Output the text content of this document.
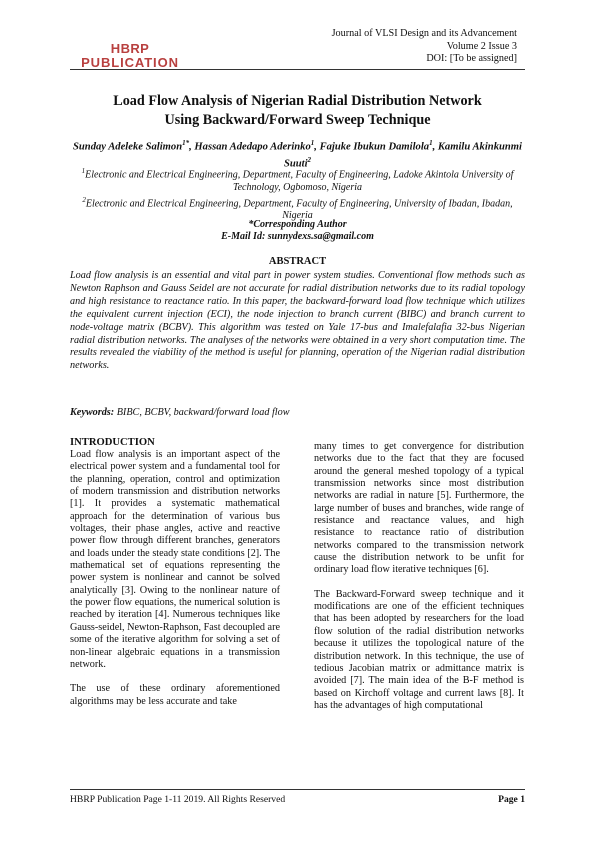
HBRP
PUBLICATION
Journal of VLSI Design and its Advancement
Volume 2 Issue 3
DOI: [To be assigned]
Load Flow Analysis of Nigerian Radial Distribution Network
Using Backward/Forward Sweep Technique
Sunday Adeleke Salimon$^{1*}$, Hassan Adedapo Aderinko$^1$, Fajuke Ibukun Damilola$^1$, Kamilu Akinkunmi Suuti$^2$
$^1$Electronic and Electrical Engineering, Department, Faculty of Engineering, Ladoke Akintola University of Technology, Ogbomoso, Nigeria
$^2$Electronic and Electrical Engineering, Department, Faculty of Engineering, University of Ibadan, Ibadan, Nigeria
*Corresponding Author
E-Mail Id: sunnydexs.sa@gmail.com
ABSTRACT
Load flow analysis is an essential and vital part in power system studies. Conventional flow methods such as Newton Raphson and Gauss Seidel are not accurate for radial distribution networks due to its radial topology and high resistance to reactance ratio. In this paper, the backward-forward load flow technique which utilizes the equivalent current injection (ECI), the node injection to branch current (BIBC) and branch current to node-voltage matrix (BCBV). This algorithm was tested on Yale 17-bus and Imalefalafia 32-bus Nigerian radial distribution networks. The analyses of the networks were obtained in a very short computation time. The results revealed the viability of the method is useful for planning, operation of the Nigerian radial distribution networks.
Keywords: BIBC, BCBV, backward/forward load flow
INTRODUCTION

Load flow analysis is an important aspect of the electrical power system and a fundamental tool for the planning, operation, control and optimization of modern transmission and distribution networks [1]. It provides a systematic mathematical approach for the determination of various bus voltages, their phase angles, active and reactive power flow through different branches, generators and loads under the steady state conditions [2]. The mathematical set of equations representing the power system is nonlinear and cannot be solved analytically [3]. Owing to the nonlinear nature of the power flow equations, the numerical solution is reached by iteration [4]. Numerous techniques like Gauss-seidel, Newton-Raphson, Fast decoupled are some of the iterative algorithm for solving a set of non-linear algebraic equations in a transmission network.

The use of these ordinary aforementioned algorithms may be less accurate and take

many times to get convergence for distribution networks due to the fact that they are focused around the general meshed topology of a typical transmission networks since most distribution networks are radial in nature [5]. Furthermore, the large number of buses and branches, wide range of resistance and reactance values, and high resistance to reactance ratio of distribution networks compared to the transmission network cause the distribution network to be unfit for ordinary load flow iterative techniques [6].

The Backward-Forward sweep technique and it modifications are one of the efficient techniques that has been adopted by researchers for the load flow solution of the radial distribution networks because it utilizes the topological nature of the distribution network. In this technique, the use of tedious Jacobian matrix or admittance matrix is avoided [7]. The main idea of the B-F method is based on Kirchoff voltage and current laws [8]. It has the advantages of high computational

HBRP Publication Page 1-11 2019. All Rights Reserved	Page 1
